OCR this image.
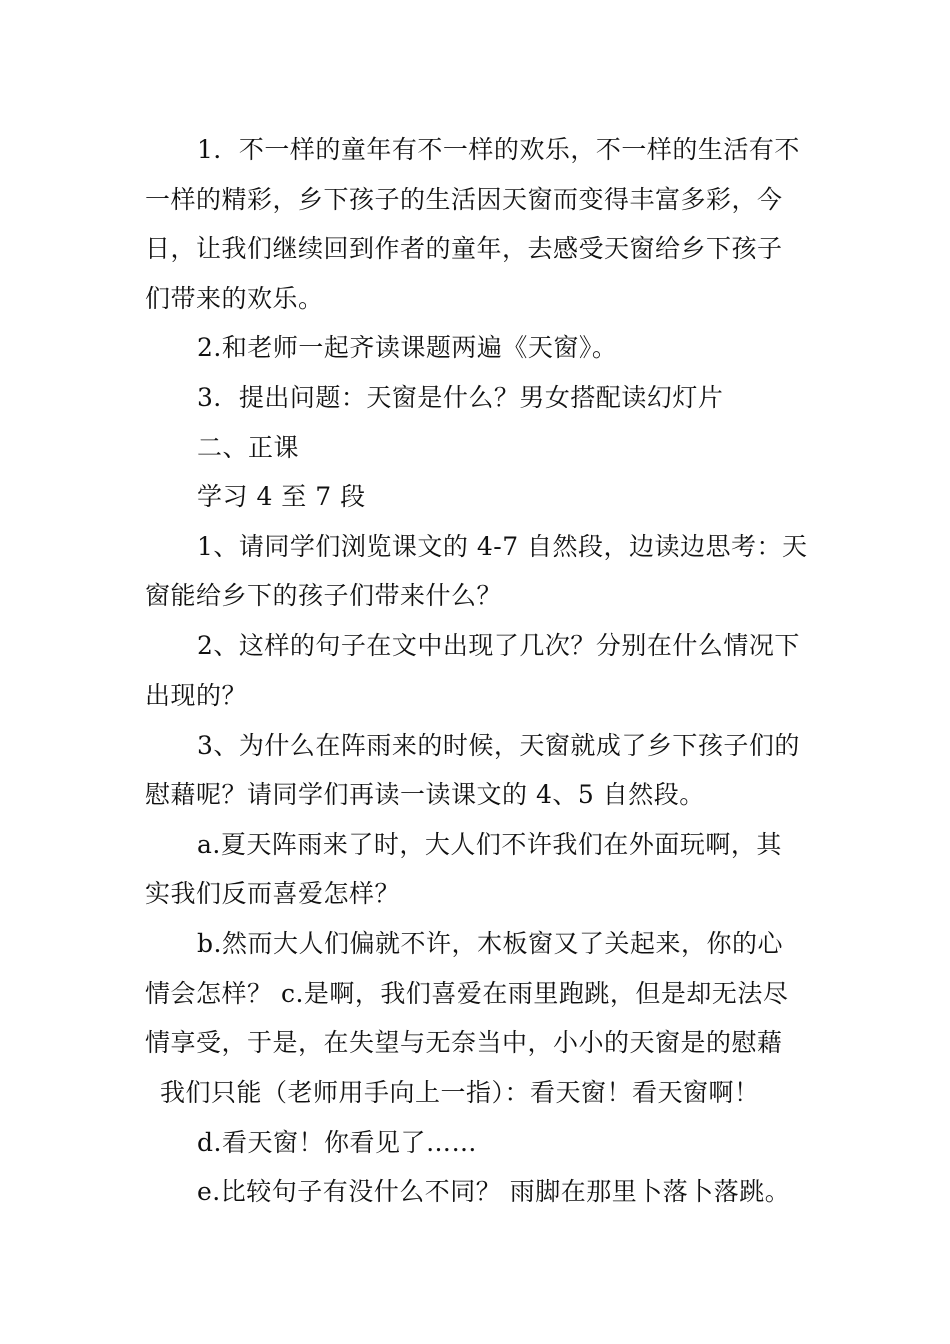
1．不一样的童年有不一样的欢乐，不一样的生活有不
一样的精彩，乡下孩子的生活因天窗而变得丰富多彩，今
日，让我们继续回到作者的童年，去感受天窗给乡下孩子
们带来的欢乐。
2.和老师一起齐读课题两遍《天窗》。
3．提出问题：天窗是什么？男女搭配读幻灯片
二、正课
学习 4 至 7 段
1、请同学们浏览课文的 4-7 自然段，边读边思考：天
窗能给乡下的孩子们带来什么？
2、这样的句子在文中出现了几次？分别在什么情况下
出现的？
3、为什么在阵雨来的时候，天窗就成了乡下孩子们的
慰藉呢？请同学们再读一读课文的 4、5 自然段。
a.夏天阵雨来了时，大人们不许我们在外面玩啊，其
实我们反而喜爱怎样？
b.然而大人们偏就不许，木板窗又了关起来，你的心
情会怎样？ c.是啊，我们喜爱在雨里跑跳，但是却无法尽
情享受，于是，在失望与无奈当中，小小的天窗是的慰藉
我们只能（老师用手向上一指）：看天窗！看天窗啊！
d.看天窗！你看见了……
e.比较句子有没什么不同？ 雨脚在那里卜落卜落跳。
